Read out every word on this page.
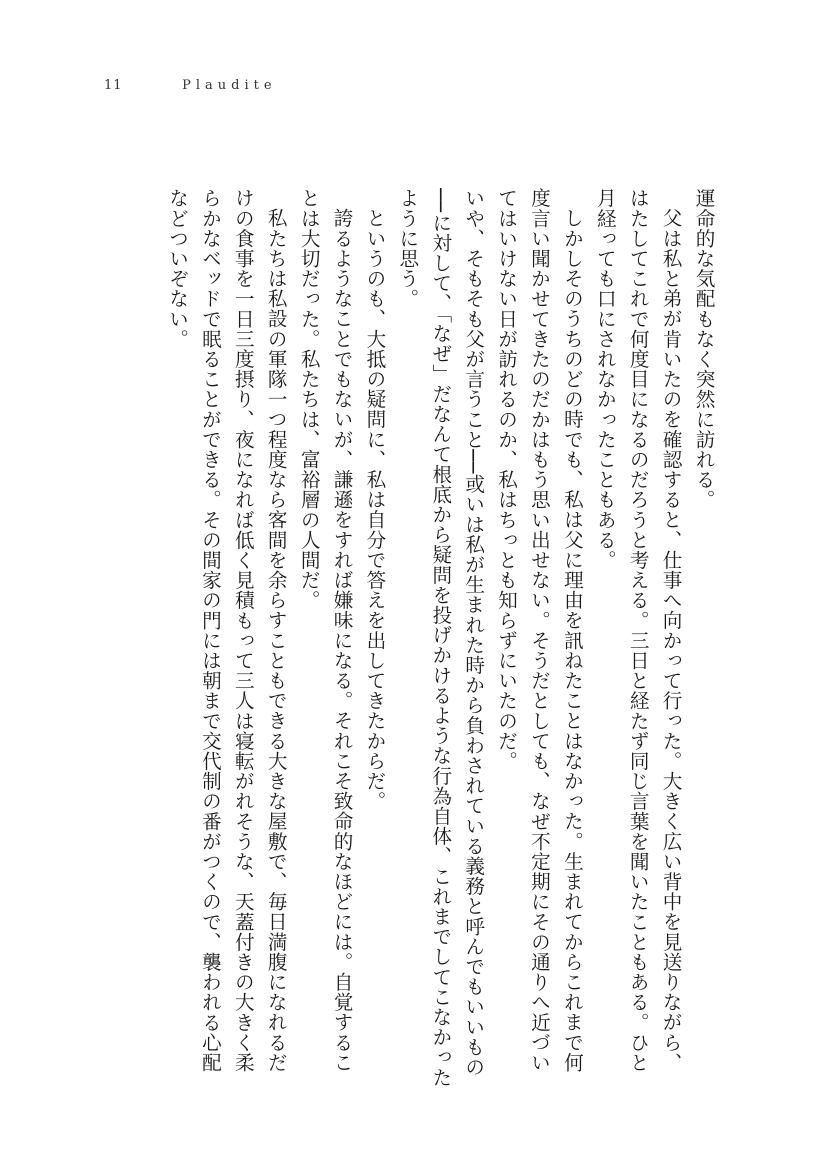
11	Plaudite

運命的な気配もなく突然に訪れる。

父は私と弟が肯いたのを確認すると、仕事へ向かって行った。大きく広い背中を見送りながら、はたしてこれで何度目になるのだろうと考える。三日と経たず同じ言葉を聞いたこともある。ひと月経っても口にされなかったこともある。

しかしそのうちのどの時でも、私は父に理由を訊ねたことはなかった。生まれてからこれまで何度言い聞かせてきたのだかはもう思い出せない。そうだとしても、なぜ不定期にその通りへ近づいてはいけない日が訪れるのか、私はちっとも知らずにいたのだ。

いや、そもそも父が言うこと──或いは私が生まれた時から負わされている義務と呼んでもいいもの──に対して、「なぜ」だなんて根底から疑問を投げかけるような行為自体、これまでしてこなかったように思う。

というのも、大抵の疑問に、私は自分で答えを出してきたからだ。

誇るようなことでもないが、謙遜をすれば嫌味になる。それこそ致命的なほどには。自覚することは大切だった。私たちは、富裕層の人間だ。

私たちは私設の軍隊一つ程度なら客間を余らすこともできる大きな屋敷で、毎日満腹になれるだけの食事を一日三度摂り、夜になれば低く見積もって三人は寝転がれそうな、天蓋付きの大きく柔らかなベッドで眠ることができる。その間家の門には朝まで交代制の番がつくので、襲われる心配などついぞない。
